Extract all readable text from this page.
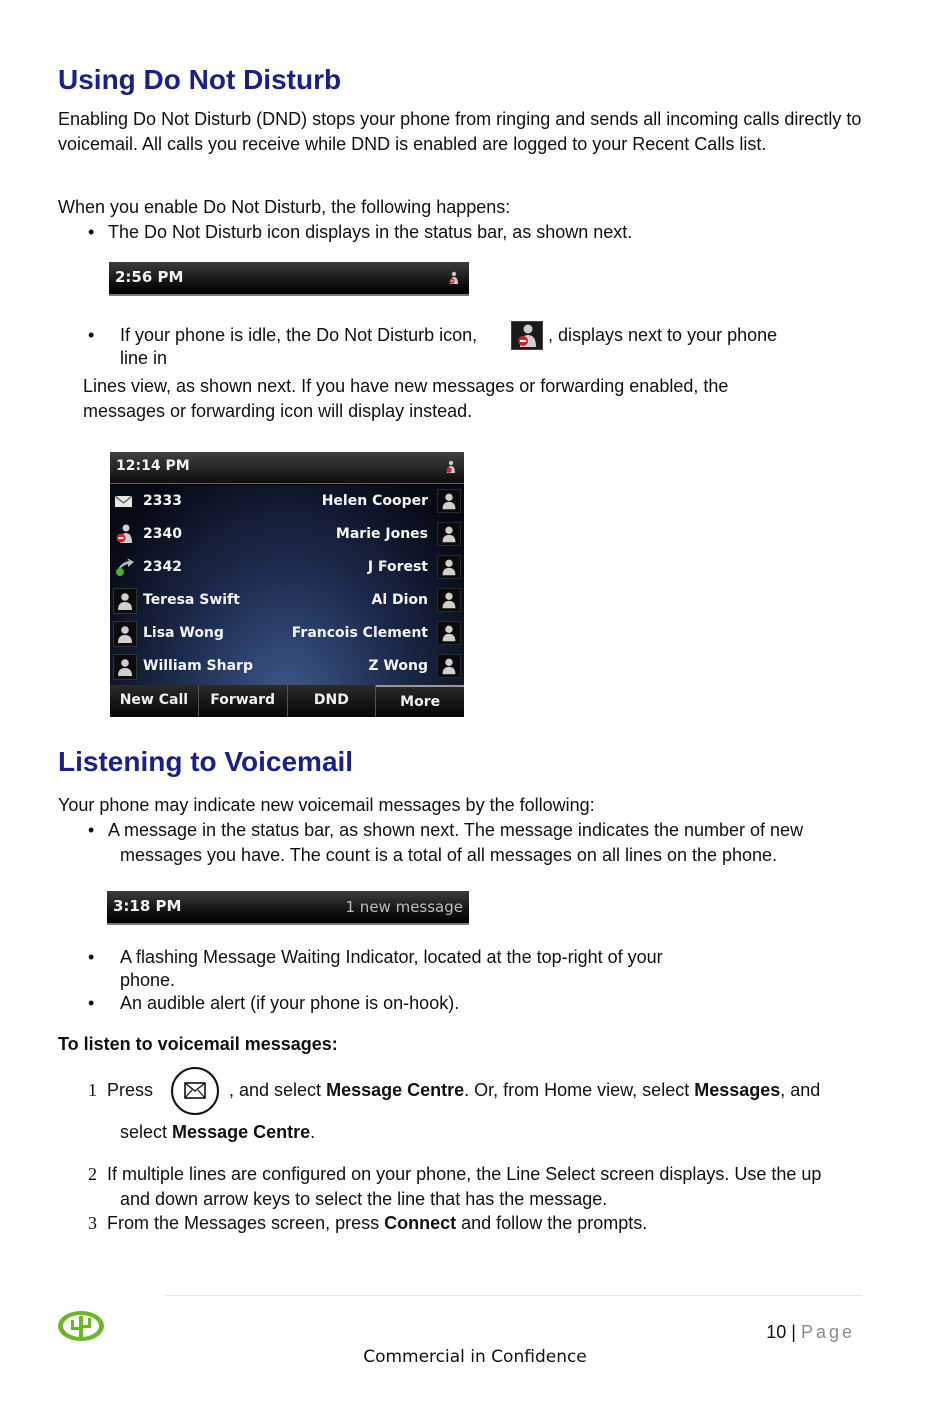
Using Do Not Disturb

Enabling Do Not Disturb (DND) stops your phone from ringing and sends all incoming calls directly to voicemail. All calls you receive while DND is enabled are logged to your Recent Calls list.

When you enable Do Not Disturb, the following happens:

• The Do Not Disturb icon displays in the status bar, as shown next.
2:56 PM
• If your phone is idle, the Do Not Disturb icon,	, displays next to your phone
line in

Lines view, as shown next. If you have new messages or forwarding enabled, the

messages or forwarding icon will display instead.

12:14 PM
2333	Helen Cooper
2340	Marie Jones
2342	J Forest
Teresa Swift	Al Dion
Lisa Wong	Francois Clement
William Sharp	Z Wong
New Call	Forward	DND	More
Listening to Voicemail

Your phone may indicate new voicemail messages by the following:

• A message in the status bar, as shown next. The message indicates the number of new
messages you have. The count is a total of all messages on all lines on the phone.
3:18 PM	1 new message
• A flashing Message Waiting Indicator, located at the top-right of your
phone.
• An audible alert (if your phone is on-hook).

To listen to voicemail messages:

1 Press	, and select Message Centre. Or, from Home view, select Messages, and
select Message Centre.
2 If multiple lines are configured on your phone, the Line Select screen displays. Use the up
and down arrow keys to select the line that has the message.
3 From the Messages screen, press Connect and follow the prompts.
10 | Page
Commercial in Confidence
